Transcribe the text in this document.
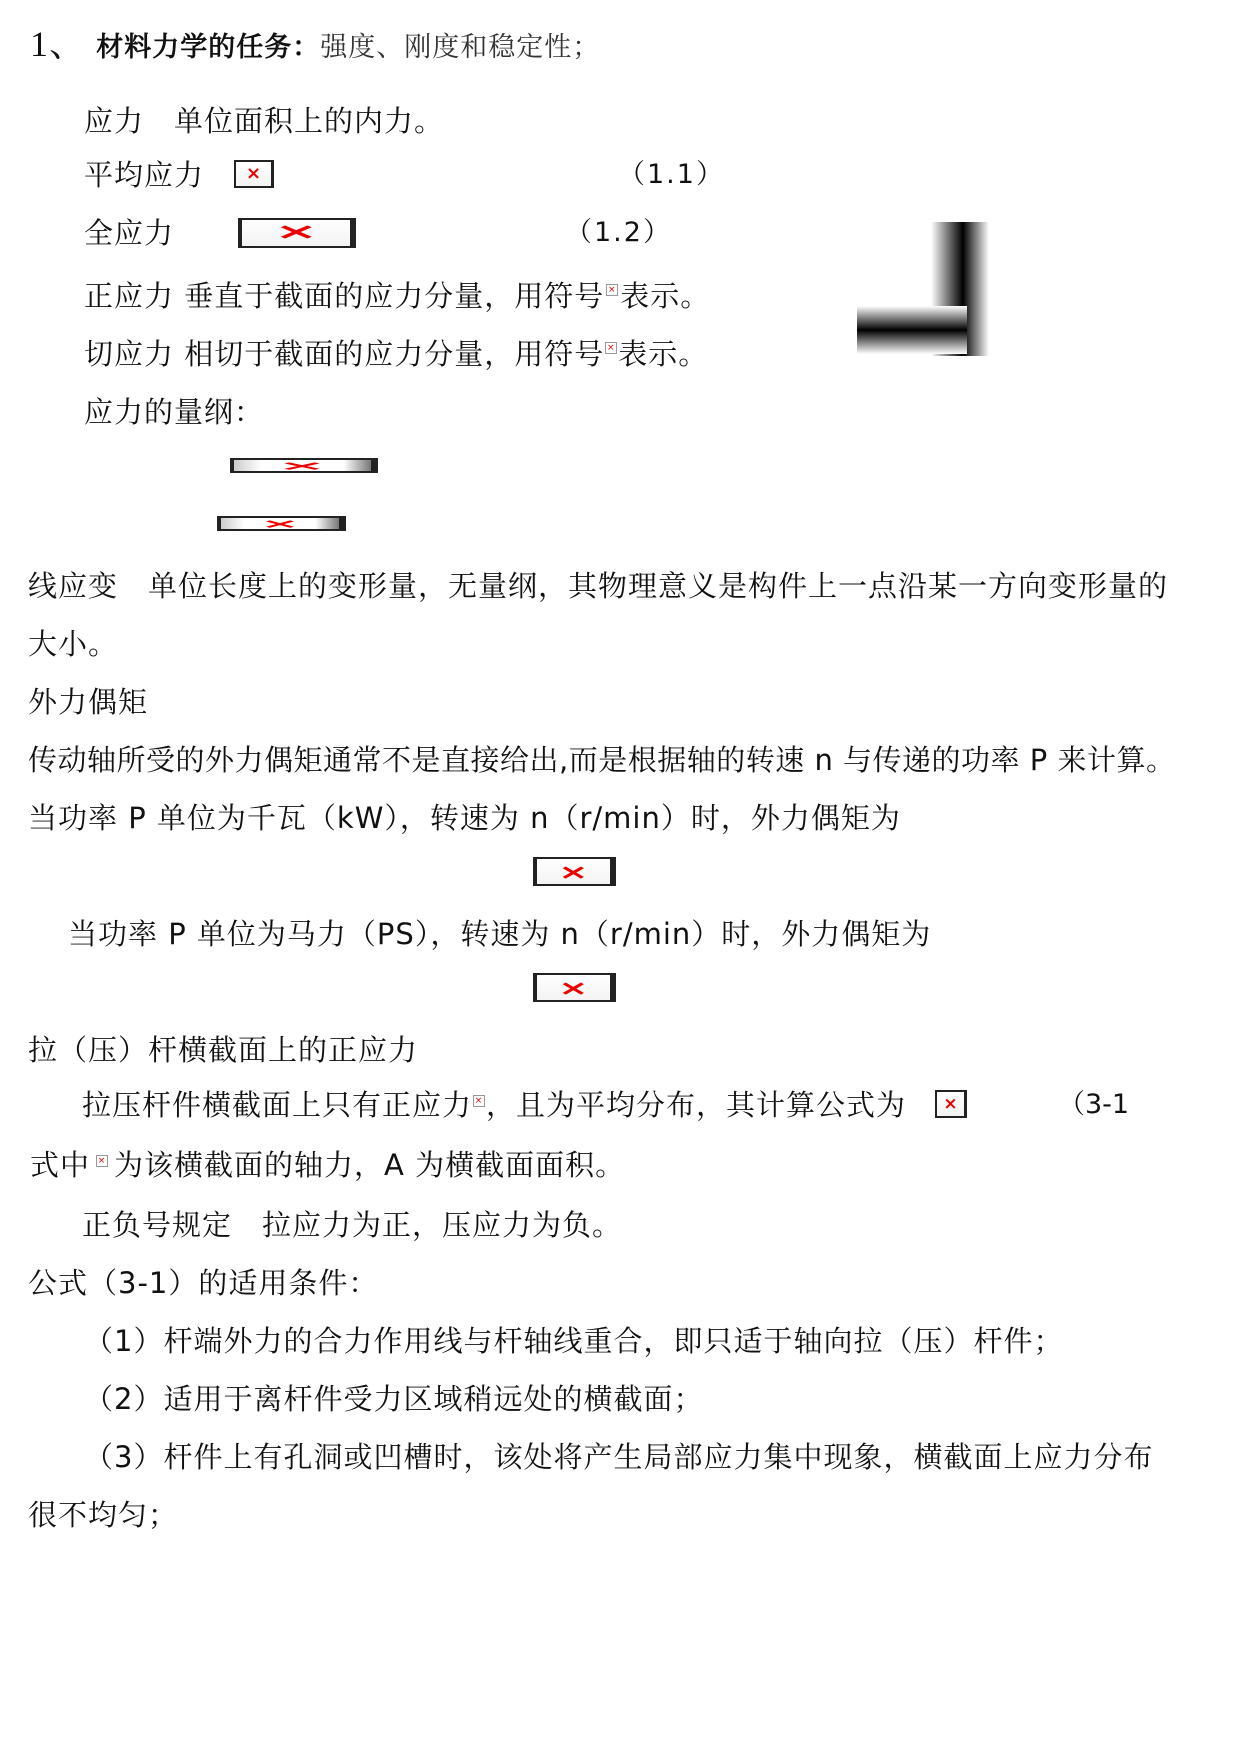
1、 材料力学的任务：强度、刚度和稳定性；
应力  单位面积上的内力。
平均应力 ×	（1.1）
全应力	×	（1.2）
正应力 垂直于截面的应力分量，用符号 × 表示。
切应力 相切于截面的应力分量，用符号 × 表示。
应力的量纲：
×
×
线应变　单位长度上的变形量，无量纲，其物理意义是构件上一点沿某一方向变形量的
大小。
外力偶矩
传动轴所受的外力偶矩通常不是直接给出,而是根据轴的转速 n 与传递的功率 P 来计算。
当功率 P 单位为千瓦（kW），转速为 n（r/min）时，外力偶矩为
×
当功率 P 单位为马力（PS），转速为 n（r/min）时，外力偶矩为
×
拉（压）杆横截面上的正应力
拉压杆件横截面上只有正应力 × ，且为平均分布，其计算公式为 ×	（3-1
式中 × 为该横截面的轴力，A 为横截面面积。
正负号规定　拉应力为正，压应力为负。
公式（3-1）的适用条件：
（1）杆端外力的合力作用线与杆轴线重合，即只适于轴向拉（压）杆件；
（2）适用于离杆件受力区域稍远处的横截面；
（3）杆件上有孔洞或凹槽时，该处将产生局部应力集中现象，横截面上应力分布
很不均匀；
